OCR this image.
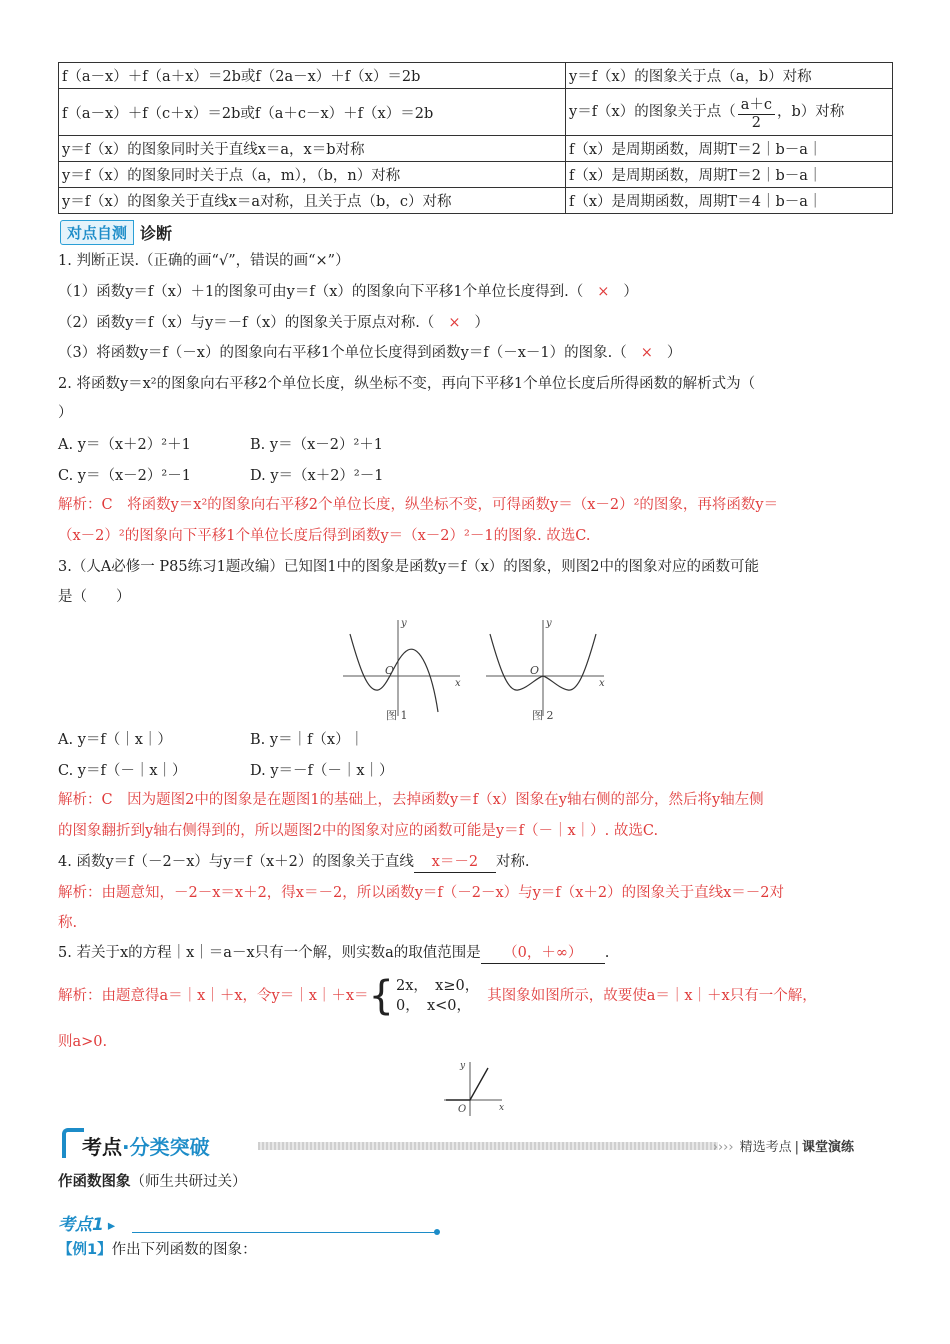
f（a－x）＋f（a＋x）＝2b或f（2a－x）＋f（x）＝2b	y＝f（x）的图象关于点（a，b）对称
f（a－x）＋f（c＋x）＝2b或f（a＋c－x）＋f（x）＝2b	y＝f（x）的图象关于点（ $\frac{a+c}{2}$ ，b）对称
y＝f（x）的图象同时关于直线x＝a，x＝b对称	f（x）是周期函数，周期T＝2｜b－a｜
y＝f（x）的图象同时关于点（a，m），（b，n）对称	f（x）是周期函数，周期T＝2｜b－a｜
y＝f（x）的图象关于直线x＝a对称，且关于点（b，c）对称	f（x）是周期函数，周期T＝4｜b－a｜
对点自测 诊断
1. 判断正误.（正确的画“√”，错误的画“×”）
（1）函数y＝f（x）＋1的图象可由y＝f（x）的图象向下平移1个单位长度得到.（ × ）
（2）函数y＝f（x）与y＝－f（x）的图象关于原点对称.（ × ）
（3）将函数y＝f（－x）的图象向右平移1个单位长度得到函数y＝f（－x－1）的图象.（ × ）
2. 将函数y＝x²的图象向右平移2个单位长度，纵坐标不变，再向下平移1个单位长度后所得函数的解析式为（
）
A. y＝（x＋2）²＋1	B. y＝（x－2）²＋1
C. y＝（x－2）²－1	D. y＝（x＋2）²－1
解析：C　将函数y＝x²的图象向右平移2个单位长度，纵坐标不变，可得函数y＝（x－2）²的图象，再将函数y＝
（x－2）²的图象向下平移1个单位长度后得到函数y＝（x－2）²－1的图象. 故选C.
3.（人A必修一 P85练习1题改编）已知图1中的图象是函数y＝f（x）的图象，则图2中的图象对应的函数可能
是（　　）
y
x
O
图 1
y
x
O
图 2
A. y＝f（｜x｜）	B. y＝｜f（x）｜
C. y＝f（－｜x｜）	D. y＝－f（－｜x｜）
解析：C　因为题图2中的图象是在题图1的基础上，去掉函数y＝f（x）图象在y轴右侧的部分，然后将y轴左侧
的图象翻折到y轴右侧得到的，所以题图2中的图象对应的函数可能是y＝f（－｜x｜）. 故选C.
4. 函数y＝f（－2－x）与y＝f（x＋2）的图象关于直线 x＝－2 对称.
解析：由题意知，－2－x＝x＋2，得x＝－2，所以函数y＝f（－2－x）与y＝f（x＋2）的图象关于直线x＝－2对
称.
5. 若关于x的方程｜x｜＝a－x只有一个解，则实数a的取值范围是 （0，＋∞） .
解析：由题意得a＝｜x｜＋x，令y＝｜x｜＋x＝ { 2x，　x≥0，
0，　x<0，
其图象如图所示，故要使a＝｜x｜＋x只有一个解，
则a>0.
y
x
O
考点·分类突破	›››› 精选考点 | 课堂演练
作函数图象（师生共研过关）
考点1 ▸
【例1】作出下列函数的图象：
